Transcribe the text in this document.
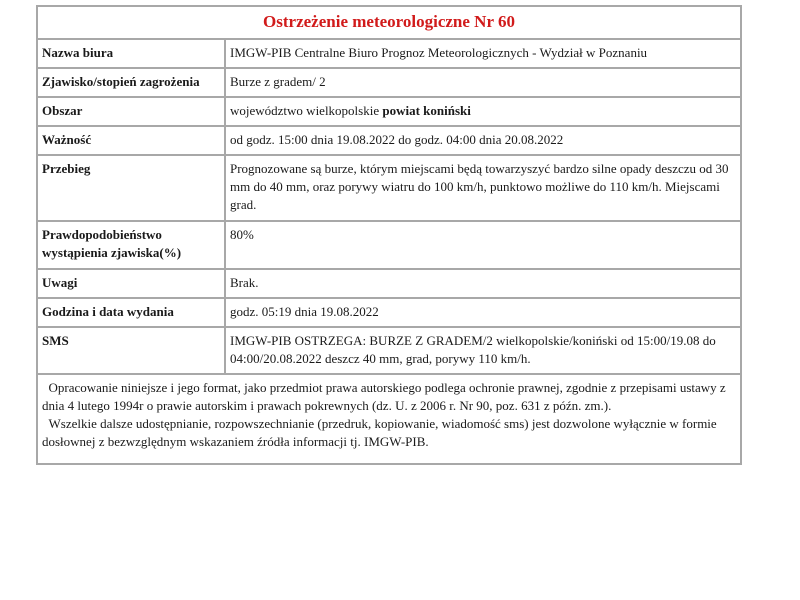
Ostrzeżenie meteorologiczne Nr 60	
Nazwa biura	IMGW-PIB Centralne Biuro Prognoz Meteorologicznych - Wydział w Poznaniu
Zjawisko/stopień zagrożenia	Burze z gradem/ 2
Obszar	województwo wielkopolskie powiat koniński
Ważność	od godz. 15:00 dnia 19.08.2022 do godz. 04:00 dnia 20.08.2022
Przebieg	Prognozowane są burze, którym miejscami będą towarzyszyć bardzo silne opady deszczu od 30 mm do 40 mm, oraz porywy wiatru do 100 km/h, punktowo możliwe do 110 km/h. Miejscami grad.
Prawdopodobieństwo wystąpienia zjawiska(%)	80%
Uwagi	Brak.
Godzina i data wydania	godz. 05:19 dnia 19.08.2022
SMS	IMGW-PIB OSTRZEGA: BURZE Z GRADEM/2 wielkopolskie/koniński od 15:00/19.08 do 04:00/20.08.2022 deszcz 40 mm, grad, porywy 110 km/h.
Opracowanie niniejsze i jego format, jako przedmiot prawa autorskiego podlega ochronie prawnej, zgodnie z przepisami ustawy z dnia 4 lutego 1994r o prawie autorskim i prawach pokrewnych (dz. U. z 2006 r. Nr 90, poz. 631 z późn. zm.).
Wszelkie dalsze udostępnianie, rozpowszechnianie (przedruk, kopiowanie, wiadomość sms) jest dozwolone wyłącznie w formie dosłownej z bezwzględnym wskazaniem źródła informacji tj. IMGW-PIB.	
